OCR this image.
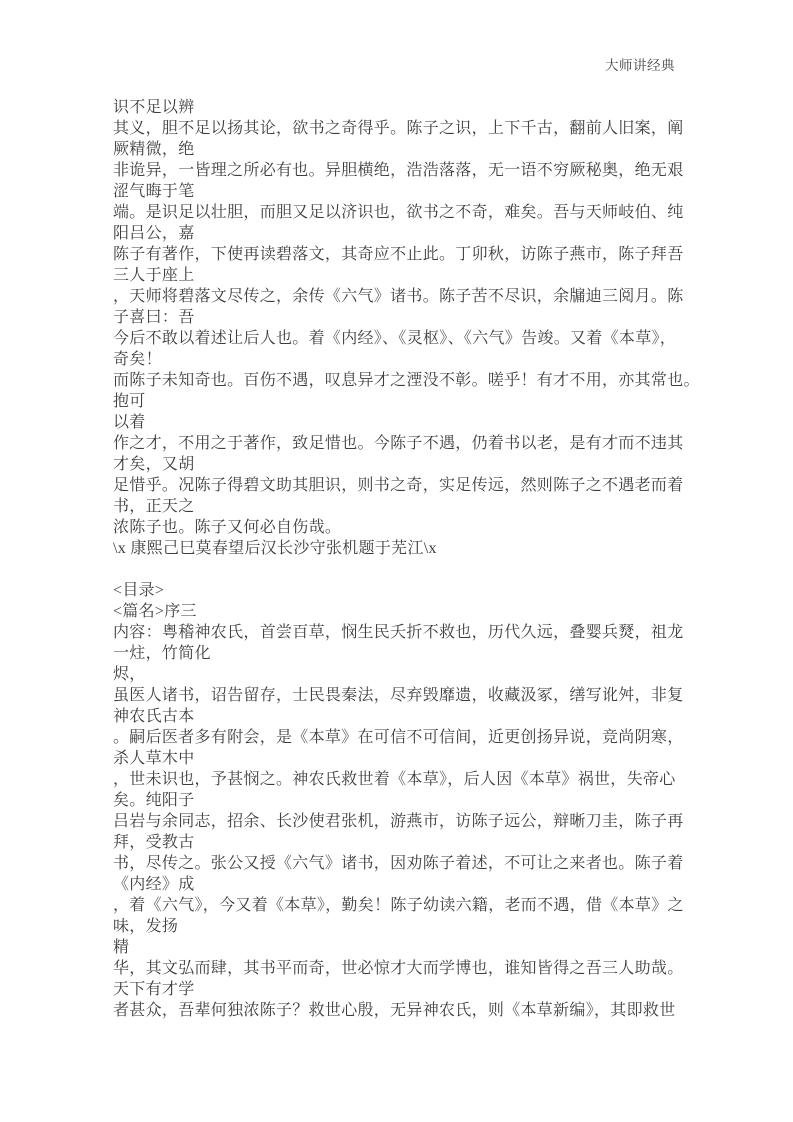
大师讲经典
识不足以辨
其义，胆不足以扬其论，欲书之奇得乎。陈子之识，上下千古，翻前人旧案，阐
厥精微，绝
非诡异，一皆理之所必有也。异胆横绝，浩浩落落，无一语不穷厥秘奥，绝无艰
涩气晦于笔
端。是识足以壮胆，而胆又足以济识也，欲书之不奇，难矣。吾与天师岐伯、纯
阳吕公，嘉
陈子有著作，下使再读碧落文，其奇应不止此。丁卯秋，访陈子燕市，陈子拜吾
三人于座上
，天师将碧落文尽传之，余传《六气》诸书。陈子苦不尽识，余牖迪三阅月。陈
子喜曰：吾
今后不敢以着述让后人也。着《内经》、《灵枢》、《六气》告竣。又着《本草》，
奇矣！
而陈子未知奇也。百伤不遇，叹息异才之湮没不彰。嗟乎！有才不用，亦其常也。
抱可
以着
作之才，不用之于著作，致足惜也。今陈子不遇，仍着书以老，是有才而不违其
才矣，又胡
足惜乎。况陈子得碧文助其胆识，则书之奇，实足传远，然则陈子之不遇老而着
书，正天之
浓陈子也。陈子又何必自伤哉。
\x 康熙己巳莫春望后汉长沙守张机题于芜江\x
<目录>
<篇名>序三
内容：粤稽神农氏，首尝百草，悯生民夭折不救也，历代久远，叠婴兵燹，祖龙
一炷，竹简化
烬，
虽医人诸书，诏告留存，士民畏秦法，尽弃毁靡遗，收藏汲冢，缮写讹舛，非复
神农氏古本
。嗣后医者多有附会，是《本草》在可信不可信间，近更创扬异说，竞尚阴寒，
杀人草木中
，世未识也，予甚悯之。神农氏救世着《本草》，后人因《本草》祸世，失帝心
矣。纯阳子
吕岩与余同志，招余、长沙使君张机，游燕市，访陈子远公，辩晰刀圭，陈子再
拜，受教古
书，尽传之。张公又授《六气》诸书，因劝陈子着述，不可让之来者也。陈子着
《内经》成
，着《六气》，今又着《本草》，勤矣！陈子幼读六籍，老而不遇，借《本草》之
味，发扬
精
华，其文弘而肆，其书平而奇，世必惊才大而学博也，谁知皆得之吾三人助哉。
天下有才学
者甚众，吾辈何独浓陈子？救世心殷，无异神农氏，则《本草新编》，其即救世
